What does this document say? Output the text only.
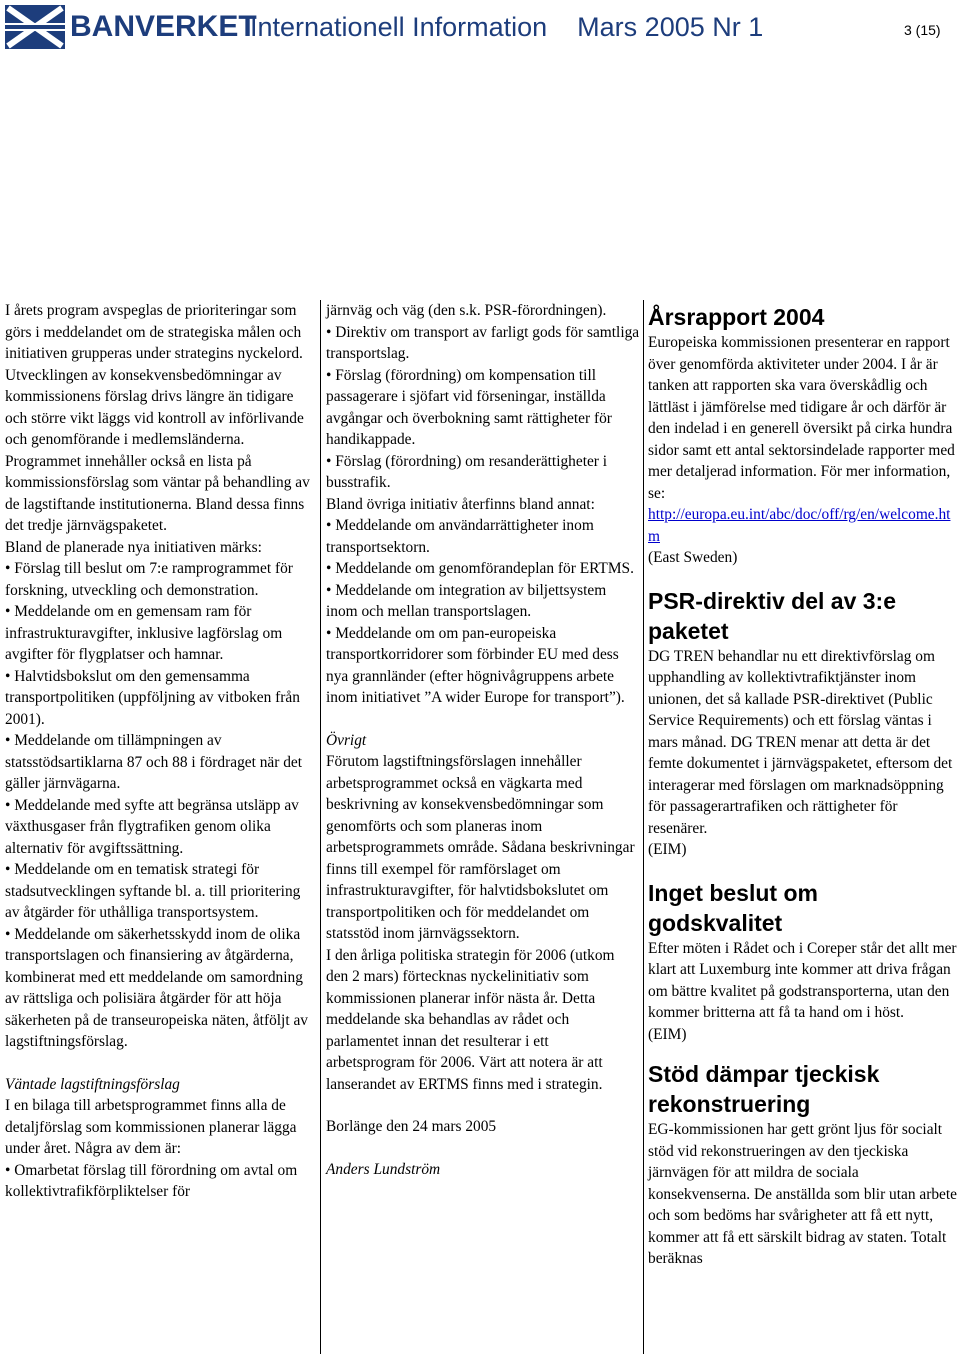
BANVERKET
Internationell Information    Mars 2005 Nr 1	3 (15)

I årets program avspeglas de prioriteringar som görs i meddelandet om de strategiska målen och initiativen grupperas under strategins nyckelord. Utvecklingen av konsekvensbedömningar av kommissionens förslag drivs längre än tidigare och större vikt läggs vid kontroll av införlivande och genomförande i medlemsländerna. Programmet innehåller också en lista på kommissionsförslag som väntar på behandling av de lagstiftande institutionerna. Bland dessa finns det tredje järnvägspaketet.

Bland de planerade nya initiativen märks:

• Förslag till beslut om 7:e ramprogrammet för forskning, utveckling och demonstration.

• Meddelande om en gemensam ram för infrastrukturavgifter, inklusive lagförslag om avgifter för flygplatser och hamnar.

• Halvtidsbokslut om den gemensamma transportpolitiken (uppföljning av vitboken från 2001).

• Meddelande om tillämpningen av statsstödsartiklarna 87 och 88 i fördraget när det gäller järnvägarna.

• Meddelande med syfte att begränsa utsläpp av växthusgaser från flygtrafiken genom olika alternativ för avgiftssättning.

• Meddelande om en tematisk strategi för stadsutvecklingen syftande bl. a. till prioritering av åtgärder för uthålliga transportsystem.

• Meddelande om säkerhetsskydd inom de olika transportslagen och finansiering av åtgärderna, kombinerat med ett meddelande om samordning av rättsliga och polisiära åtgärder för att höja säkerheten på de transeuropeiska näten, åtföljt av lagstiftningsförslag.

Väntade lagstiftningsförslag

I en bilaga till arbetsprogrammet finns alla de detaljförslag som kommissionen planerar lägga under året. Några av dem är:

• Omarbetat förslag till förordning om avtal om kollektivtrafikförpliktelser för

järnväg och väg (den s.k. PSR-förordningen).

• Direktiv om transport av farligt gods för samtliga transportslag.

• Förslag (förordning) om kompensation till passagerare i sjöfart vid förseningar, inställda avgångar och överbokning samt rättigheter för handikappade.

• Förslag (förordning) om resanderättigheter i busstrafik.

Bland övriga initiativ återfinns bland annat:

• Meddelande om användarrättigheter inom transportsektorn.

• Meddelande om genomförandeplan för ERTMS.

• Meddelande om integration av biljettsystem inom och mellan transportslagen.

• Meddelande om om pan-europeiska transportkorridorer som förbinder EU med dess nya grannländer (efter högnivågruppens arbete inom initiativet ”A wider Europe for transport”).

Övrigt

Förutom lagstiftningsförslagen innehåller arbetsprogrammet också en vägkarta med beskrivning av konsekvensbedömningar som genomförts och som planeras inom arbetsprogrammets område. Sådana beskrivningar finns till exempel för ramförslaget om infrastrukturavgifter, för halvtidsbokslutet om transportpolitiken och för meddelandet om statsstöd inom järnvägssektorn.

I den årliga politiska strategin för 2006 (utkom den 2 mars) förtecknas nyckelinitiativ som kommissionen planerar inför nästa år. Detta meddelande ska behandlas av rådet och parlamentet innan det resulterar i ett arbetsprogram för 2006. Värt att notera är att lanserandet av ERTMS finns med i strategin.

Borlänge den 24 mars 2005

Anders Lundström

Årsrapport 2004

Europeiska kommissionen presenterar en rapport över genomförda aktiviteter under 2004. I år är tanken att rapporten ska vara överskådlig och lättläst i jämförelse med tidigare år och därför är den indelad i en generell översikt på cirka hundra sidor samt ett antal sektorsindelade rapporter med mer detaljerad information. För mer information, se:

http://europa.eu.int/abc/doc/off/rg/en/welcome.htm

(East Sweden)

PSR-direktiv del av 3:e paketet

DG TREN behandlar nu ett direktivförslag om upphandling av kollektivtrafiktjänster inom unionen, det så kallade PSR-direktivet (Public Service Requirements) och ett förslag väntas i mars månad. DG TREN menar att detta är det femte dokumentet i järnvägspaketet, eftersom det interagerar med förslagen om marknadsöppning för passagerartrafiken och rättigheter för resenärer.

(EIM)

Inget beslut om godskvalitet

Efter möten i Rådet och i Coreper står det allt mer klart att Luxemburg inte kommer att driva frågan om bättre kvalitet på godstransporterna, utan den kommer britterna att få ta hand om i höst.

(EIM)

Stöd dämpar tjeckisk rekonstruering

EG-kommissionen har gett grönt ljus för socialt stöd vid rekonstrueringen av den tjeckiska järnvägen för att mildra de sociala konsekvenserna. De anställda som blir utan arbete och som bedöms har svårigheter att få ett nytt, kommer att få ett särskilt bidrag av staten. Totalt beräknas
